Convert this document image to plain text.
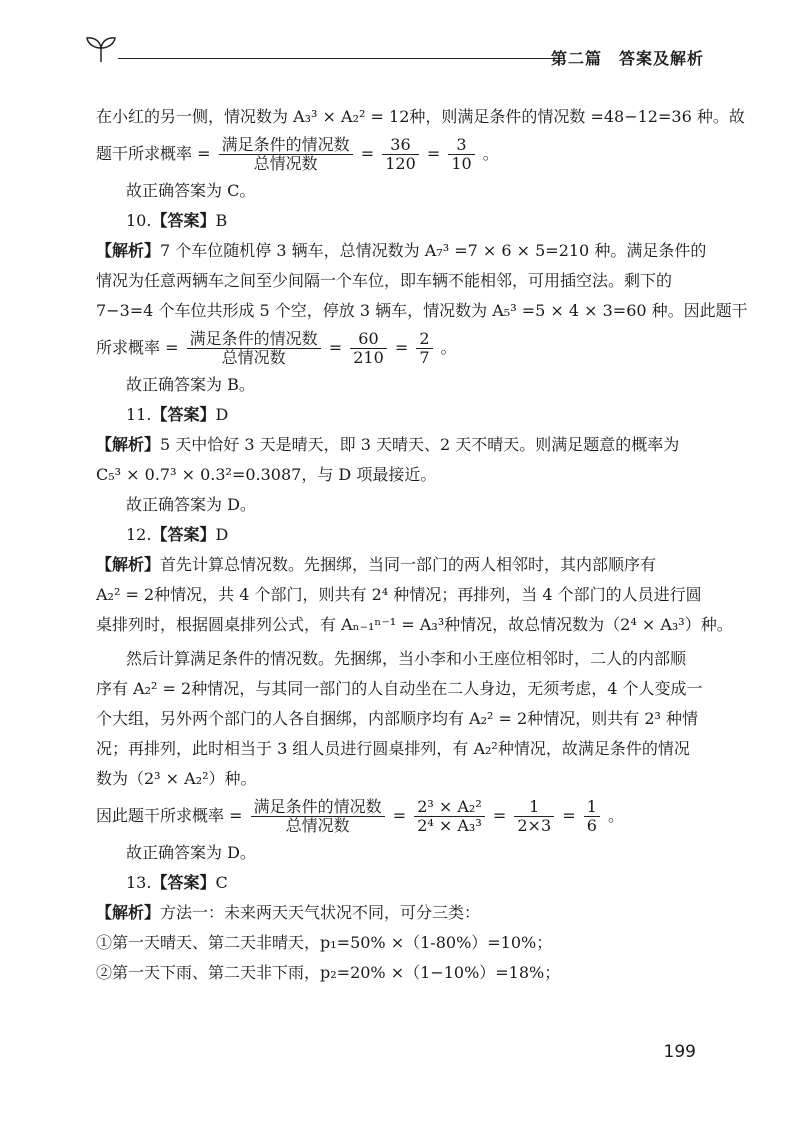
第二篇　答案及解析
在小红的另一侧，情况数为 A₃³ × A₂² = 12种，则满足条件的情况数 =48−12=36 种。故
题干所求概率 = $\frac{\text{满足条件的情况数}}{\text{总情况数}} = \frac{36}{120} = \frac{3}{10}$ 。
故正确答案为 C。
10.【答案】B
【解析】7 个车位随机停 3 辆车，总情况数为 A₇³ =7 × 6 × 5=210 种。满足条件的
情况为任意两辆车之间至少间隔一个车位，即车辆不能相邻，可用插空法。剩下的
7−3=4 个车位共形成 5 个空，停放 3 辆车，情况数为 A₅³ =5 × 4 × 3=60 种。因此题干
所求概率 = $\frac{\text{满足条件的情况数}}{\text{总情况数}} = \frac{60}{210} = \frac{2}{7}$ 。
故正确答案为 B。
11.【答案】D
【解析】5 天中恰好 3 天是晴天，即 3 天晴天、2 天不晴天。则满足题意的概率为
C₅³ × 0.7³ × 0.3²=0.3087，与 D 项最接近。
故正确答案为 D。
12.【答案】D
【解析】首先计算总情况数。先捆绑，当同一部门的两人相邻时，其内部顺序有
A₂² = 2种情况，共 4 个部门，则共有 2⁴ 种情况；再排列，当 4 个部门的人员进行圆
桌排列时，根据圆桌排列公式，有 Aₙ₋₁ⁿ⁻¹ = A₃³种情况，故总情况数为（2⁴ × A₃³）种。
然后计算满足条件的情况数。先捆绑，当小李和小王座位相邻时，二人的内部顺
序有 A₂² = 2种情况，与其同一部门的人自动坐在二人身边，无须考虑，4 个人变成一
个大组，另外两个部门的人各自捆绑，内部顺序均有 A₂² = 2种情况，则共有 2³ 种情
况；再排列，此时相当于 3 组人员进行圆桌排列，有 A₂²种情况，故满足条件的情况
数为（2³ × A₂²）种。
因此题干所求概率 = $\frac{\text{满足条件的情况数}}{\text{总情况数}} = \frac{\text{2³ × A₂²}}{\text{2⁴ × A₃³}} = \frac{1}{2\times 3} = \frac{1}{6}$ 。
故正确答案为 D。
13.【答案】C
【解析】方法一：未来两天天气状况不同，可分三类：
①第一天晴天、第二天非晴天，p₁=50% ×（1-80%）=10%；
②第一天下雨、第二天非下雨，p₂=20% ×（1−10%）=18%；
199
